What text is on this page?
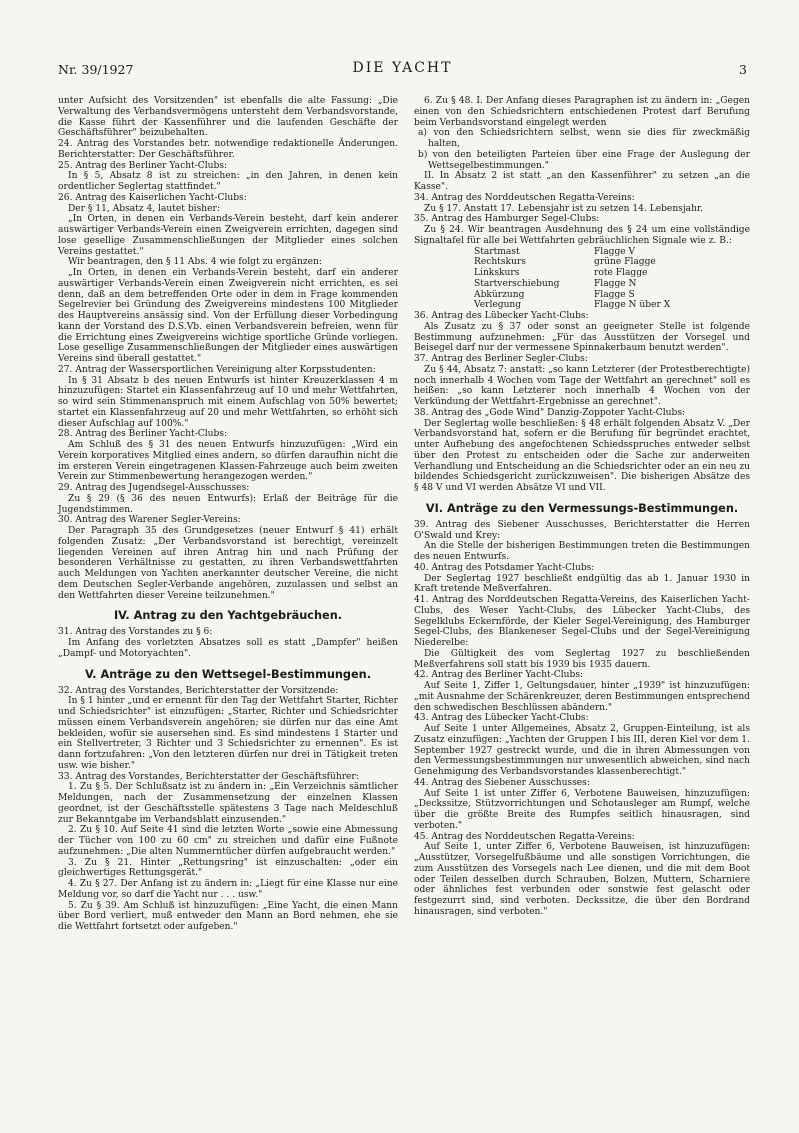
Nr. 39/1927	DIE YACHT	3

unter Aufsicht des Vorsitzenden" ist ebenfalls die alte Fassung: „Die Verwaltung des Verbandsvermögens untersteht dem Verbandsvorstande, die Kasse führt der Kassenführer und die laufenden Geschäfte der Geschäftsführer" beizubehalten.

24. Antrag des Vorstandes betr. notwendige redaktionelle Änderungen. Berichterstatter: Der Geschäftsführer.

25. Antrag des Berliner Yacht-Clubs:

In § 5, Absatz 8 ist zu streichen: „in den Jahren, in denen kein ordentlicher Seglertag stattfindet."

26. Antrag des Kaiserlichen Yacht-Clubs:

Der § 11, Absatz 4, lautet bisher:

„In Orten, in denen ein Verbands-Verein besteht, darf kein anderer auswärtiger Verbands-Verein einen Zweigverein errichten, dagegen sind lose gesellige Zusammenschließungen der Mitglieder eines solchen Vereins gestattet."

Wir beantragen, den § 11 Abs. 4 wie folgt zu ergänzen:

„In Orten, in denen ein Verbands-Verein besteht, darf ein anderer auswärtiger Verbands-Verein einen Zweigverein nicht errichten, es sei denn, daß an dem betreffenden Orte oder in dem in Frage kommenden Segelrevier bei Gründung des Zweigvereins mindestens 100 Mitglieder des Hauptvereins ansässig sind. Von der Erfüllung dieser Vorbedingung kann der Vorstand des D.S.Vb. einen Verbandsverein befreien, wenn für die Errichtung eines Zweigvereins wichtige sportliche Gründe vorliegen. Lose gesellige Zusammenschließungen der Mitglieder eines auswärtigen Vereins sind überall gestattet."

27. Antrag der Wassersportlichen Vereinigung alter Korpsstudenten:

In § 31 Absatz b des neuen Entwurfs ist hinter Kreuzerklassen 4 m hinzuzufügen: Startet ein Klassenfahrzeug auf 10 und mehr Wettfahrten, so wird sein Stimmenanspruch mit einem Aufschlag von 50% bewertet; startet ein Klassenfahrzeug auf 20 und mehr Wettfahrten, so erhöht sich dieser Aufschlag auf 100%."

28. Antrag des Berliner Yacht-Clubs:

Am Schluß des § 31 des neuen Entwurfs hinzuzufügen: „Wird ein Verein korporatives Mitglied eines andern, so dürfen daraufhin nicht die im ersteren Verein eingetragenen Klassen-Fahrzeuge auch beim zweiten Verein zur Stimmenbewertung herangezogen werden."

29. Antrag des Jugendsegel-Ausschusses:

Zu § 29 (§ 36 des neuen Entwurfs): Erlaß der Beiträge für die Jugendstimmen.

30. Antrag des Warener Segler-Vereins:

Der Paragraph 35 des Grundgesetzes (neuer Entwurf § 41) erhält folgenden Zusatz: „Der Verbandsvorstand ist berechtigt, vereinzelt liegenden Vereinen auf ihren Antrag hin und nach Prüfung der besonderen Verhältnisse zu gestatten, zu ihren Verbandswettfahrten auch Meldungen von Yachten anerkannter deutscher Vereine, die nicht dem Deutschen Segler-Verbande angehören, zuzulassen und selbst an den Wettfahrten dieser Vereine teilzunehmen."

IV. Antrag zu den Yachtgebräuchen.

31. Antrag des Vorstandes zu § 6:

Im Anfang des vorletzten Absatzes soll es statt „Dampfer" heißen „Dampf- und Motoryachten".

V. Anträge zu den Wettsegel-Bestimmungen.

32. Antrag des Vorstandes, Berichterstatter der Vorsitzende:

In § 1 hinter „und er ernennt für den Tag der Wettfahrt Starter, Richter und Schiedsrichter" ist einzufügen: „Starter, Richter und Schiedsrichter müssen einem Verbandsverein angehören; sie dürfen nur das eine Amt bekleiden, wofür sie ausersehen sind. Es sind mindestens 1 Starter und ein Stellvertreter, 3 Richter und 3 Schiedsrichter zu ernennen". Es ist dann fortzufahren: „Von den letzteren dürfen nur drei in Tätigkeit treten usw. wie bisher."

33. Antrag des Vorstandes, Berichterstatter der Geschäftsführer:

1. Zu § 5. Der Schlußsatz ist zu ändern in: „Ein Verzeichnis sämtlicher Meldungen, nach der Zusammensetzung der einzelnen Klassen geordnet, ist der Geschäftsstelle spätestens 3 Tage nach Meldeschluß zur Bekanntgabe im Verbandsblatt einzusenden."

2. Zu § 10. Auf Seite 41 sind die letzten Worte „sowie eine Abmessung der Tücher von 100 zu 60 cm" zu streichen und dafür eine Fußnote aufzunehmen: „Die alten Nummerntücher dürfen aufgebraucht werden."

3. Zu § 21. Hinter „Rettungsring" ist einzuschalten: „oder ein gleichwertiges Rettungsgerät."

4. Zu § 27. Der Anfang ist zu ändern in: „Liegt für eine Klasse nur eine Meldung vor, so darf die Yacht nur . . . usw."

5. Zu § 39. Am Schluß ist hinzuzufügen: „Eine Yacht, die einen Mann über Bord verliert, muß entweder den Mann an Bord nehmen, ehe sie die Wettfahrt fortsetzt oder aufgeben."

6. Zu § 48. I. Der Anfang dieses Paragraphen ist zu ändern in: „Gegen einen von den Schiedsrichtern entschiedenen Protest darf Berufung beim Verbandsvorstand eingelegt werden

a) von den Schiedsrichtern selbst, wenn sie dies für zweckmäßig halten,

b) von den beteiligten Parteien über eine Frage der Auslegung der Wettsegelbestimmungen."

II. In Absatz 2 ist statt „an den Kassenführer" zu setzen „an die Kasse".

34. Antrag des Norddeutschen Regatta-Vereins:

Zu § 17. Anstatt 17. Lebensjahr ist zu setzen 14. Lebensjahr.

35. Antrag des Hamburger Segel-Clubs:

Zu § 24. Wir beantragen Ausdehnung des § 24 um eine vollständige Signaltafel für alle bei Wettfahrten gebräuchlichen Signale wie z. B.:

Startmast	Flagge V
Rechtskurs	grüne Flagge
Linkskurs	rote Flagge
Startverschiebung	Flagge N
Abkürzung	Flagge S
Verlegung	Flagge N über X

36. Antrag des Lübecker Yacht-Clubs:

Als Zusatz zu § 37 oder sonst an geeigneter Stelle ist folgende Bestimmung aufzunehmen: „Für das Ausstützen der Vorsegel und Beisegel darf nur der vermessene Spinnakerbaum benutzt werden".

37. Antrag des Berliner Segler-Clubs:

Zu § 44, Absatz 7: anstatt: „so kann Letzterer (der Protestberechtigte) noch innerhalb 4 Wochen vom Tage der Wettfahrt an gerechnet" soll es heißen: „so kann Letzterer noch innerhalb 4 Wochen von der Verkündung der Wettfahrt-Ergebnisse an gerechnet".

38. Antrag des „Gode Wind" Danzig-Zoppoter Yacht-Clubs:

Der Seglertag wolle beschließen: § 48 erhält folgenden Absatz V. „Der Verbandsvorstand hat, sofern er die Berufung für begründet erachtet, unter Aufhebung des angefochtenen Schiedsspruches entweder selbst über den Protest zu entscheiden oder die Sache zur anderweiten Verhandlung und Entscheidung an die Schiedsrichter oder an ein neu zu bildendes Schiedsgericht zurückzuweisen". Die bisherigen Absätze des § 48 V und VI werden Absätze VI und VII.

VI. Anträge zu den Vermessungs-Bestimmungen.

39. Antrag des Siebener Ausschusses, Berichterstatter die Herren O'Swald und Krey:

An die Stelle der bisherigen Bestimmungen treten die Bestimmungen des neuen Entwurfs.

40. Antrag des Potsdamer Yacht-Clubs:

Der Seglertag 1927 beschließt endgültig das ab 1. Januar 1930 in Kraft tretende Meßverfahren.

41. Antrag des Norddeutschen Regatta-Vereins, des Kaiserlichen Yacht-Clubs, des Weser Yacht-Clubs, des Lübecker Yacht-Clubs, des Segelklubs Eckernförde, der Kieler Segel-Vereinigung, des Hamburger Segel-Clubs, des Blankeneser Segel-Clubs und der Segel-Vereinigung Niederelbe:

Die Gültigkeit des vom Seglertag 1927 zu beschließenden Meßverfahrens soll statt bis 1939 bis 1935 dauern.

42. Antrag des Berliner Yacht-Clubs:

Auf Seite 1, Ziffer 1, Geltungsdauer, hinter „1939" ist hinzuzufügen: „mit Ausnahme der Schärenkreuzer, deren Bestimmungen entsprechend den schwedischen Beschlüssen abändern."

43. Antrag des Lübecker Yacht-Clubs:

Auf Seite 1 unter Allgemeines, Absatz 2, Gruppen-Einteilung, ist als Zusatz einzufügen: „Yachten der Gruppen I bis III, deren Kiel vor dem 1. September 1927 gestreckt wurde, und die in ihren Abmessungen von den Vermessungsbestimmungen nur unwesentlich abweichen, sind nach Genehmigung des Verbandsvorstandes klassenberechtigt."

44. Antrag des Siebener Ausschusses:

Auf Seite 1 ist unter Ziffer 6, Verbotene Bauweisen, hinzuzufügen: „Deckssitze, Stützvorrichtungen und Schotausleger am Rumpf, welche über die größte Breite des Rumpfes seitlich hinausragen, sind verboten."

45. Antrag des Norddeutschen Regatta-Vereins:

Auf Seite 1, unter Ziffer 6, Verbotene Bauweisen, ist hinzuzufügen: „Ausstützer, Vorsegelfußbäume und alle sonstigen Vorrichtungen, die zum Ausstützen des Vorsegels nach Lee dienen, und die mit dem Boot oder Teilen desselben durch Schrauben, Bolzen, Muttern, Scharniere oder ähnliches fest verbunden oder sonstwie fest gelascht oder festgezurrt sind, sind verboten. Deckssitze, die über den Bordrand hinausragen, sind verboten."
